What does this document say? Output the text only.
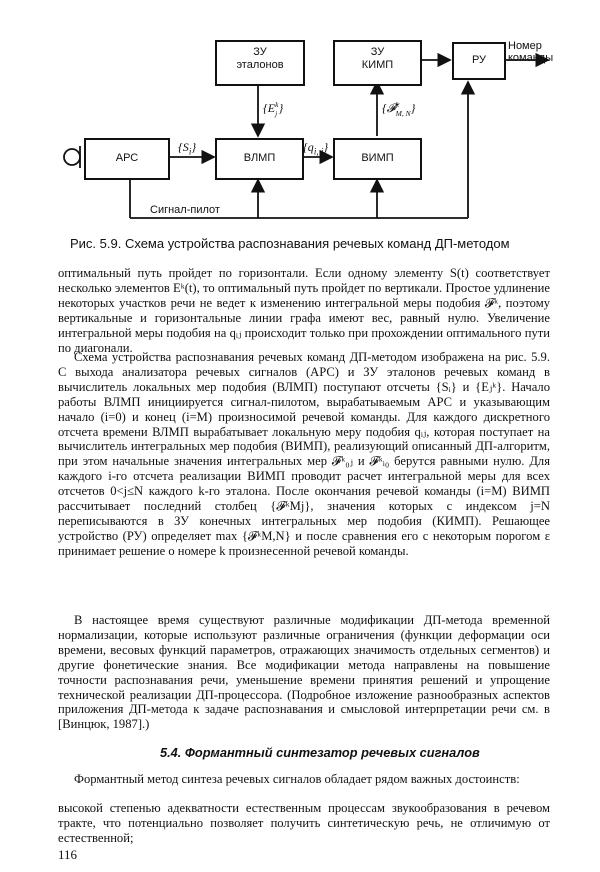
ЗУ
эталонов
ЗУ
КИМП	РУ
АРС	ВЛМП	ВИМП
Номер
команды
Сигнал-пилот
$\{S_i\}$
{E k
j }
$\{q_{i, j}\}$
{𝓕 k
M, N }
Рис. 5.9. Схема устройства распознавания речевых команд ДП-методом
оптимальный путь пройдет по горизонтали. Если одному элементу S(t) соответствует несколько элементов Eᵏ(t), то оптимальный путь пройдет по вертикали. Простое удлинение некоторых участков речи не ведет к изменению интегральной меры подобия 𝓕ᵏ, поэтому вертикальные и горизонтальные линии графа имеют вес, равный нулю. Увеличение интегральной меры подобия на qᵢⱼ происходит только при прохождении оптимального пути по диагонали.
Схема устройства распознавания речевых команд ДП-методом изображена на рис. 5.9. С выхода анализатора речевых сигналов (АРС) и ЗУ эталонов речевых команд в вычислитель локальных мер подобия (ВЛМП) поступают отсчеты {Sᵢ} и {Eⱼᵏ}. Начало работы ВЛМП инициируется сигнал-пилотом, вырабатываемым АРС и указывающим начало (i=0) и конец (i=M) произносимой речевой команды. Для каждого дискретного отсчета времени ВЛМП вырабатывает локальную меру подобия qᵢⱼ, которая поступает на вычислитель интегральных мер подобия (ВИМП), реализующий описанный ДП-алгоритм, при этом начальные значения интегральных мер 𝓕ᵏ₀ⱼ и 𝓕ᵏᵢ₀ берутся равными нулю. Для каждого i-го отсчета реализации ВИМП проводит расчет интегральной меры для всех отсчетов 0<j≤N каждого k-го эталона. После окончания речевой команды (i=M) ВИМП рассчитывает последний столбец {𝓕ᵏMj}, значения которых с индексом j=N переписываются в ЗУ конечных интегральных мер подобия (КИМП). Решающее устройство (РУ) определяет max {𝓕ᵏM,N} и после сравнения его с некоторым порогом ε принимает решение о номере k произнесенной речевой команды.
В настоящее время существуют различные модификации ДП-метода временной нормализации, которые используют различные ограничения (функции деформации оси времени, весовых функций параметров, отражающих значимость отдельных сегментов) и другие фонетические знания. Все модификации метода направлены на повышение точности распознавания речи, уменьшение времени принятия решений и упрощение технической реализации ДП-процессора. (Подробное изложение разнообразных аспектов приложения ДП-метода к задаче распознавания и смысловой интерпретации речи см. в [Винцюк, 1987].)
5.4. Формантный синтезатор речевых сигналов
Формантный метод синтеза речевых сигналов обладает рядом важных достоинств:
высокой степенью адекватности естественным процессам звукообразования в речевом тракте, что потенциально позволяет получить синтетическую речь, не отличимую от естественной;
116
